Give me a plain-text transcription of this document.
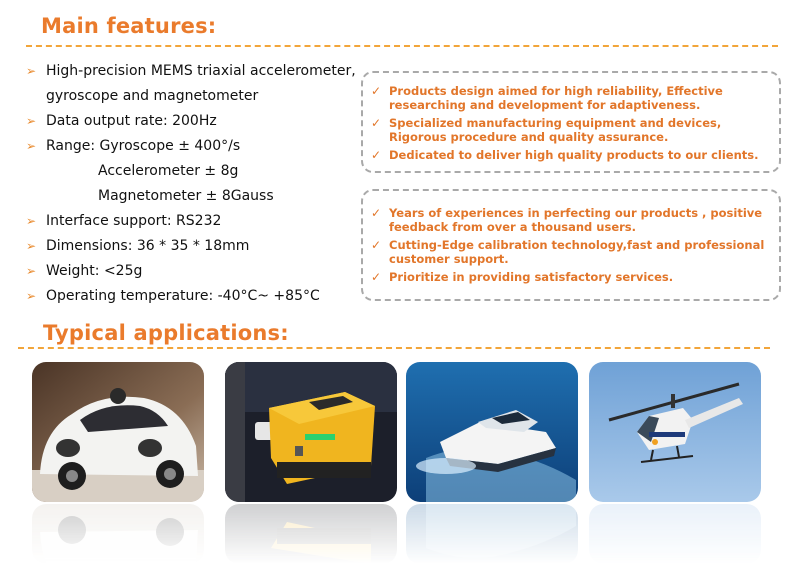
Main features:
➢ High-precision MEMS triaxial accelerometer,
gyroscope and magnetometer
➢ Data output rate: 200Hz
➢ Range: Gyroscope ± 400°/s
Accelerometer ± 8g
Magnetometer ± 8Gauss
➢ Interface support: RS232
➢ Dimensions: 36 * 35 * 18mm
➢ Weight: <25g
➢ Operating temperature: -40°C~ +85°C
✓ Products design aimed for high reliability, Effective researching and development for adaptiveness.
✓ Specialized manufacturing equipment and devices, Rigorous procedure and quality assurance.
✓ Dedicated to deliver high quality products to our clients.
✓ Years of experiences in perfecting our products , positive feedback from over a thousand users.
✓ Cutting-Edge calibration technology,fast and professional customer support.
✓ Prioritize in providing satisfactory services.
Typical applications:
